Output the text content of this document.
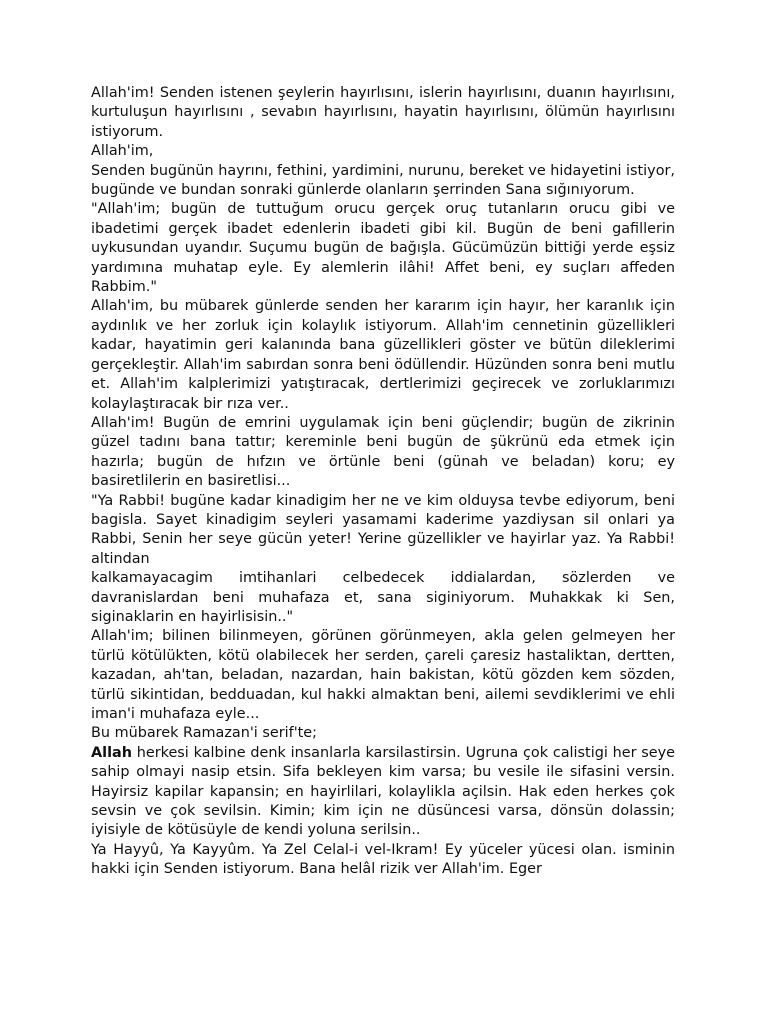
Allah'im! Senden istenen şeylerin hayırlısını, islerin hayırlısını, duanın hayırlısını, kurtuluşun hayırlısını , sevabın hayırlısını, hayatin hayırlısını, ölümün hayırlısını istiyorum.

Allah'im,

Senden bugünün hayrını, fethini, yardimini, nurunu, bereket ve hidayetini istiyor, bugünde ve bundan sonraki günlerde olanların şerrinden Sana sığınıyorum.

"Allah'im; bugün de tuttuğum orucu gerçek oruç tutanların orucu gibi ve ibadetimi gerçek ibadet edenlerin ibadeti gibi kil. Bugün de beni gafillerin uykusundan uyandır. Suçumu bugün de bağışla. Gücümüzün bittiği yerde eşsiz yardımına muhatap eyle. Ey alemlerin ilâhi! Affet beni, ey suçları affeden Rabbim."

Allah'im, bu mübarek günlerde senden her kararım için hayır, her karanlık için aydınlık ve her zorluk için kolaylık istiyorum. Allah'im cennetinin güzellikleri kadar, hayatimin geri kalanında bana güzellikleri göster ve bütün dileklerimi gerçekleştir. Allah'im sabırdan sonra beni ödüllendir. Hüzünden sonra beni mutlu et. Allah'im kalplerimizi yatıştıracak, dertlerimizi geçirecek ve zorluklarımızı kolaylaştıracak bir rıza ver..

Allah'im! Bugün de emrini uygulamak için beni güçlendir; bugün de zikrinin güzel tadını bana tattır; kereminle beni bugün de şükrünü eda etmek için hazırla; bugün de hıfzın ve örtünle beni (günah ve beladan) koru; ey basiretlilerin en basiretlisi...

"Ya Rabbi! bugüne kadar kinadigim her ne ve kim olduysa tevbe ediyorum, beni bagisla. Sayet kinadigim seyleri yasamami kaderime yazdiysan sil onlari ya Rabbi, Senin her seye gücün yeter! Yerine güzellikler ve hayirlar yaz. Ya Rabbi! altindan

kalkamayacagim imtihanlari celbedecek iddialardan, sözlerden ve davranislardan beni muhafaza et, sana siginiyorum. Muhakkak ki Sen, siginaklarin en hayirlisisin.."

Allah'im; bilinen bilinmeyen, görünen görünmeyen, akla gelen gelmeyen her türlü kötülükten, kötü olabilecek her serden, çareli çaresiz hastaliktan, dertten, kazadan, ah'tan, beladan, nazardan, hain bakistan, kötü gözden kem sözden, türlü sikintidan, bedduadan, kul hakki almaktan beni, ailemi sevdiklerimi ve ehli iman'i muhafaza eyle...

Bu mübarek Ramazan'i serif'te;

Allah herkesi kalbine denk insanlarla karsilastirsin. Ugruna çok calistigi her seye sahip olmayi nasip etsin. Sifa bekleyen kim varsa; bu vesile ile sifasini versin. Hayirsiz kapilar kapansin; en hayirlilari, kolaylikla açilsin. Hak eden herkes çok sevsin ve çok sevilsin. Kimin; kim için ne düsüncesi varsa, dönsün dolassin; iyisiyle de kötüsüyle de kendi yoluna serilsin..

Ya Hayyû, Ya Kayyûm. Ya Zel Celal-i vel-Ikram! Ey yüceler yücesi olan. isminin hakki için Senden istiyorum. Bana helâl rizik ver Allah'im. Eger
